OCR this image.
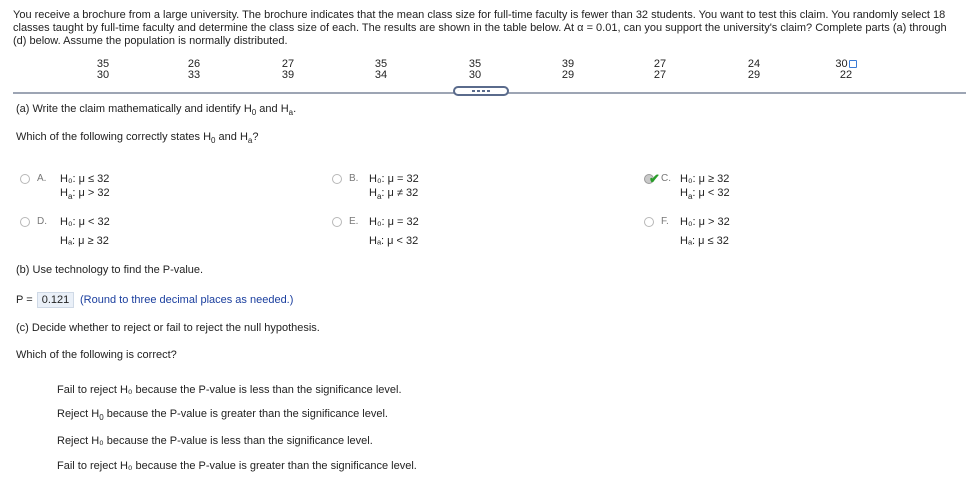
You receive a brochure from a large university. The brochure indicates that the mean class size for full-time faculty is fewer than 32 students. You want to test this claim. You randomly select 18 classes taught by full-time faculty and determine the class size of each. The results are shown in the table below. At α = 0.01, can you support the university's claim? Complete parts (a) through (d) below. Assume the population is normally distributed.
35
30
26
33
27
39
35
34
35
30
39
29
27
27
24
29
30
22
(a) Write the claim mathematically and identify $H_0$ and $H_a$.
Which of the following correctly states $H_0$ and $H_a$?
A. H₀: μ ≤ 32
$H_a$: μ > 32
B. H₀: μ = 32
$H_a$: μ ≠ 32
✔ C. H₀: μ ≥ 32
$H_a$: μ < 32
D. H₀: μ < 32
Hₐ: μ ≥ 32
E. H₀: μ = 32
Hₐ: μ < 32
F. H₀: μ > 32
Hₐ: μ ≤ 32
(b) Use technology to find the P-value.
P = 0.121 (Round to three decimal places as needed.)
(c) Decide whether to reject or fail to reject the null hypothesis.
Which of the following is correct?
Fail to reject H₀ because the P-value is less than the significance level.
Reject $H_0$ because the P-value is greater than the significance level.
Reject H₀ because the P-value is less than the significance level.
Fail to reject H₀ because the P-value is greater than the significance level.
